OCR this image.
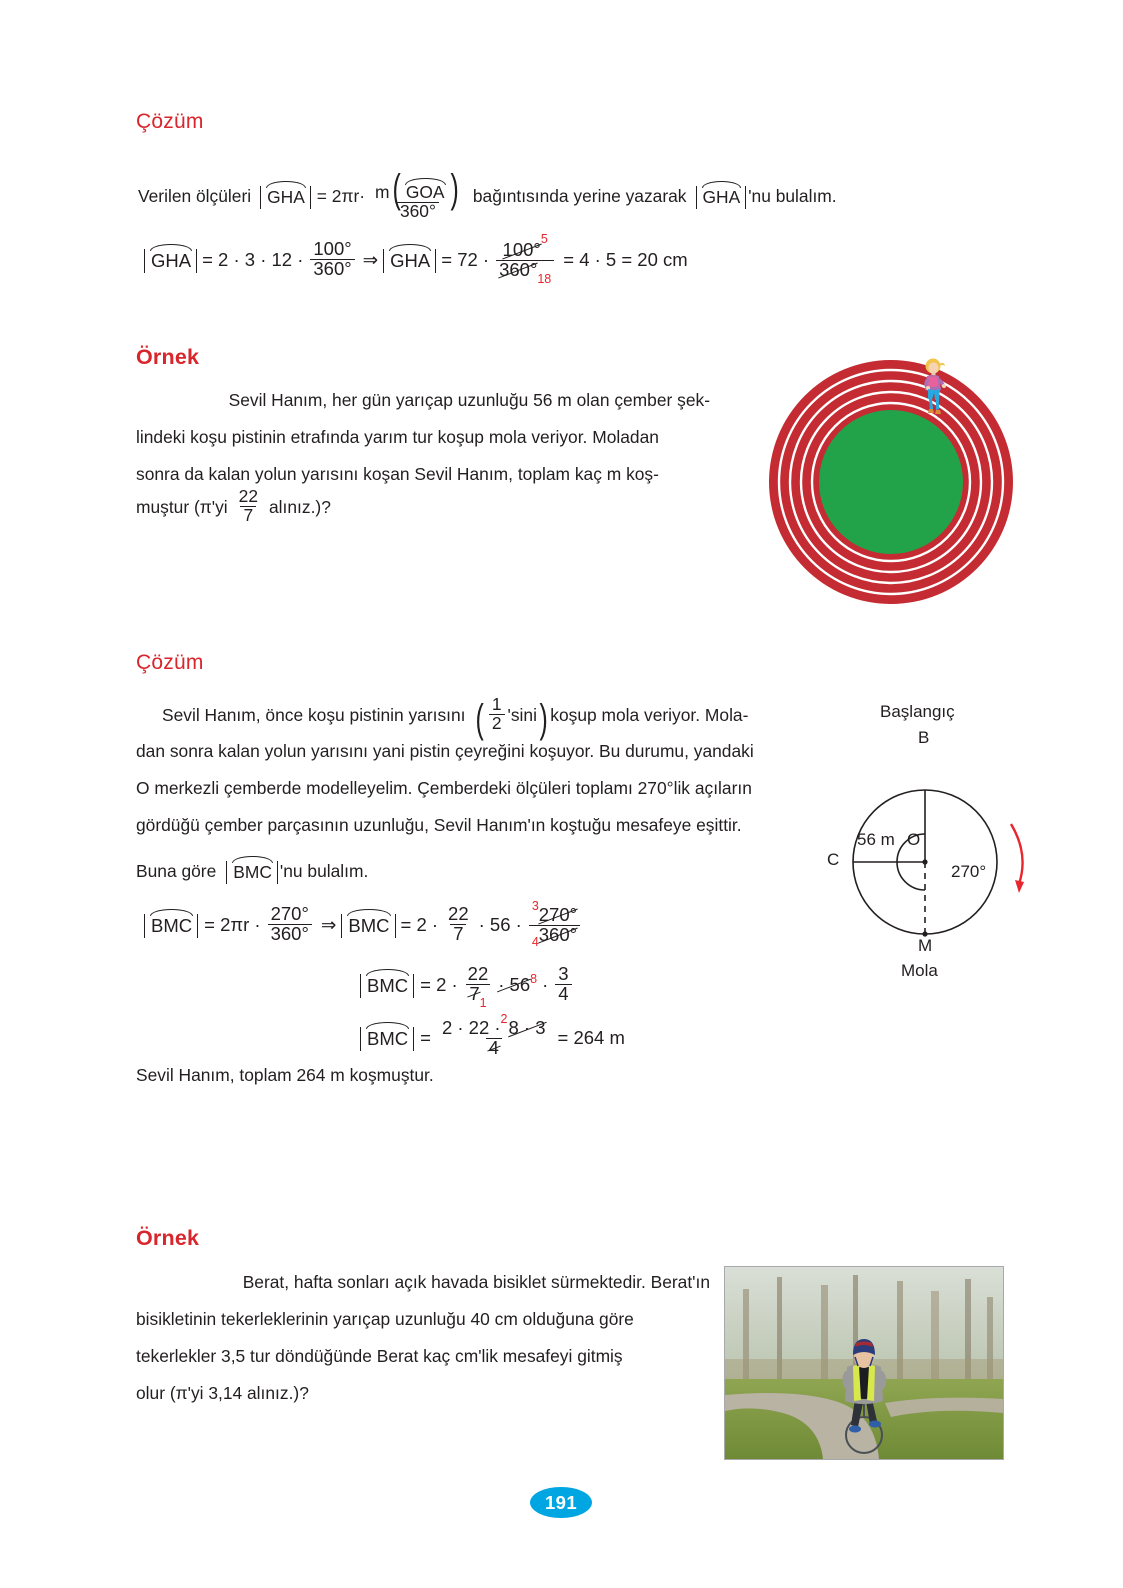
Çözüm
Verilen ölçüleri GHA = $2\pi r\cdot \frac{\text{m( GOA )}}{360^\circ}$ bağıntısında yerine yazarak GHA 'nu bulalım.
GHA = $2 \cdot 3 \cdot 12 \cdot \frac{100^\circ}{360^\circ}$ ⇒ GHA = $72 \cdot \frac{100^\circ^5}{360^\circ_{18}} = 4 \cdot 5 = 20$ cm
Örnek
Sevil Hanım, her gün yarıçap uzunluğu 56 m olan çember şek-
lindeki koşu pistinin etrafında yarım tur koşup mola veriyor. Moladan
sonra da kalan yolun yarısını koşan Sevil Hanım, toplam kaç m koş-
muştur ($\pi'yi \frac{22}{7}$ alınız.)?
Çözüm
Sevil Hanım, önce koşu pistinin yarısını ( $\frac{1}{2}$ 'sini ) koşup mola veriyor. Mola-
dan sonra kalan yolun yarısını yani pistin çeyreğini koşuyor. Bu durumu, yandaki
O merkezli çemberde modelleyelim. Çemberdeki ölçüleri toplamı 270°lik açıların
gördüğü çember parçasının uzunluğu, Sevil Hanım'ın koştuğu mesafeye eşittir.
Buna göre BMC 'nu bulalım.
BMC = $2\pi r \cdot \frac{270^\circ}{360^\circ}$ ⇒ BMC = $2 \cdot \frac{22}{7} \cdot 56 \cdot \frac{^3270^\circ}{_4360^\circ}$
BMC = $2 \cdot \frac{22}{7_1} \cdot 56$ $8 \cdot \frac{3}{4}$
BMC = $\frac{2 \cdot 22 \cdot^28 \cdot 3}{4} = 264$ m
Sevil Hanım, toplam 264 m koşmuştur.
Başlangıç
B
C
56 m O
270°
M
Mola
Örnek
Berat, hafta sonları açık havada bisiklet sürmektedir. Berat'ın
bisikletinin tekerleklerinin yarıçap uzunluğu 40 cm olduğuna göre
tekerlekler 3,5 tur döndüğünde Berat kaç cm'lik mesafeyi gitmiş
olur (π'yi 3,14 alınız.)?
191
